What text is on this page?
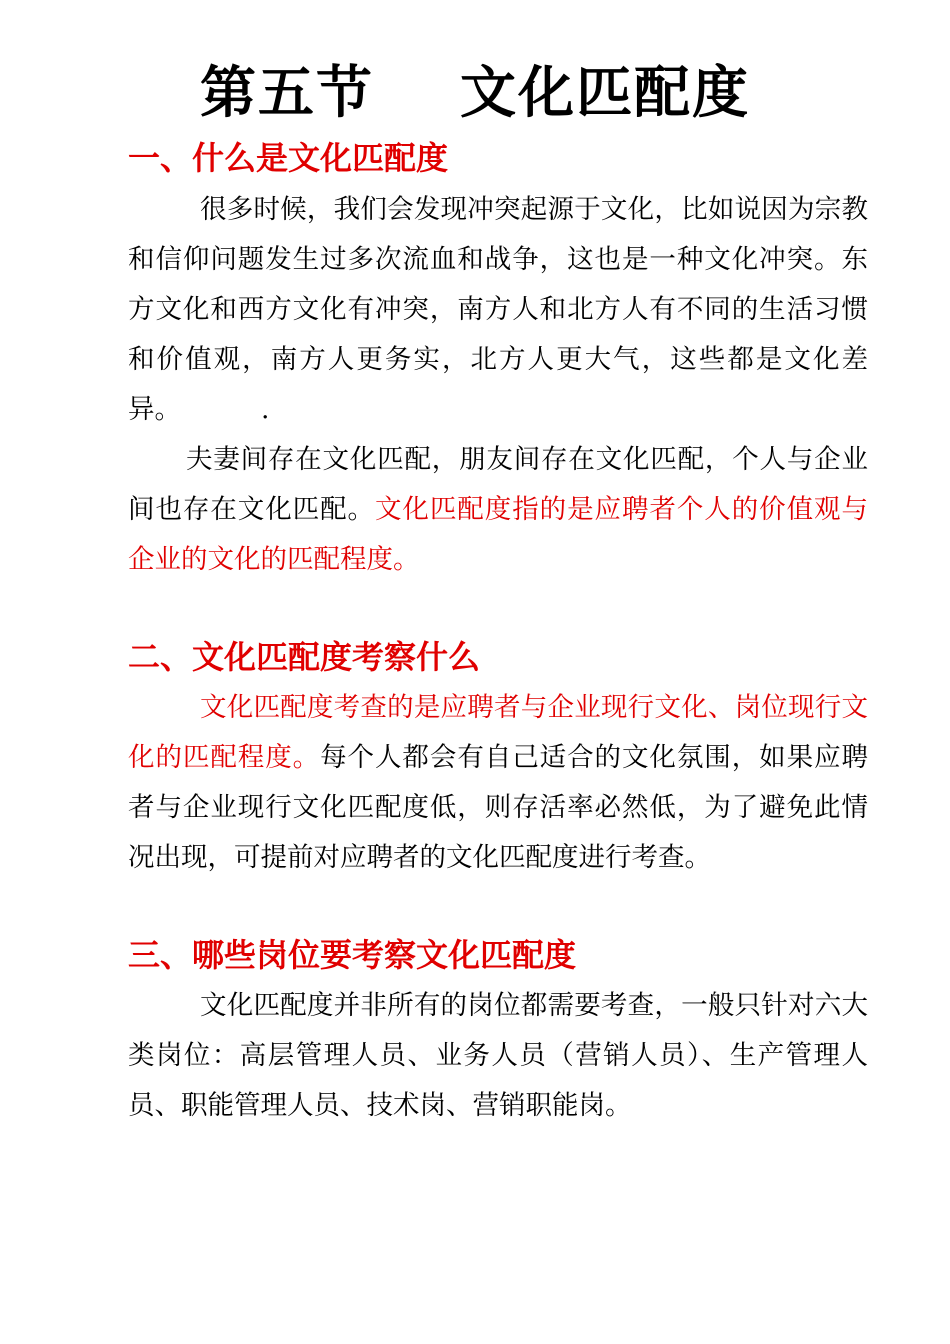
第五节    文化匹配度
一、什么是文化匹配度
很多时候，我们会发现冲突起源于文化，比如说因为宗教和信仰问题发生过多次流血和战争，这也是一种文化冲突。东方文化和西方文化有冲突，南方人和北方人有不同的生活习惯和价值观，南方人更务实，北方人更大气，这些都是文化差异。	.
夫妻间存在文化匹配，朋友间存在文化匹配，个人与企业间也存在文化匹配。文化匹配度指的是应聘者个人的价值观与企业的文化的匹配程度。
二、文化匹配度考察什么
文化匹配度考查的是应聘者与企业现行文化、岗位现行文化的匹配程度。每个人都会有自己适合的文化氛围，如果应聘者与企业现行文化匹配度低，则存活率必然低，为了避免此情况出现，可提前对应聘者的文化匹配度进行考查。
三、哪些岗位要考察文化匹配度
文化匹配度并非所有的岗位都需要考查，一般只针对六大类岗位：高层管理人员、业务人员（营销人员）、生产管理人员、职能管理人员、技术岗、营销职能岗。
